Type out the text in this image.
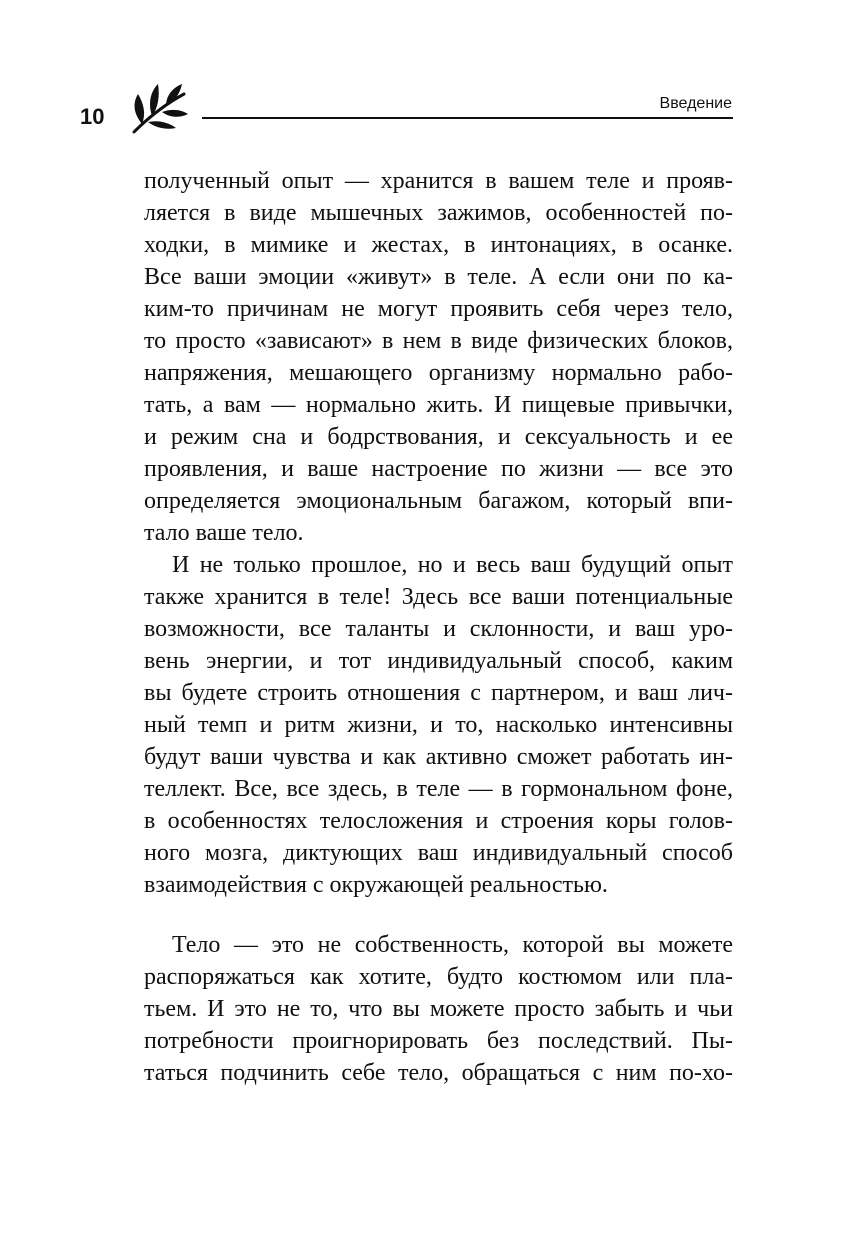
10
Введение
полученный опыт — хранится в вашем теле и прояв-
ляется в виде мышечных зажимов, особенностей по-
ходки, в мимике и жестах, в интонациях, в осанке.
Все ваши эмоции «живут» в теле. А если они по ка-
ким-то причинам не могут проявить себя через тело,
то просто «зависают» в нем в виде физических блоков,
напряжения, мешающего организму нормально рабо-
тать, а вам — нормально жить. И пищевые привычки,
и режим сна и бодрствования, и сексуальность и ее
проявления, и ваше настроение по жизни — все это
определяется эмоциональным багажом, который впи-
тало ваше тело.
И не только прошлое, но и весь ваш будущий опыт
также хранится в теле! Здесь все ваши потенциальные
возможности, все таланты и склонности, и ваш уро-
вень энергии, и тот индивидуальный способ, каким
вы будете строить отношения с партнером, и ваш лич-
ный темп и ритм жизни, и то, насколько интенсивны
будут ваши чувства и как активно сможет работать ин-
теллект. Все, все здесь, в теле — в гормональном фоне,
в особенностях телосложения и строения коры голов-
ного мозга, диктующих ваш индивидуальный способ
взаимодействия с окружающей реальностью.
Тело — это не собственность, которой вы можете
распоряжаться как хотите, будто костюмом или пла-
тьем. И это не то, что вы можете просто забыть и чьи
потребности проигнорировать без последствий. Пы-
таться подчинить себе тело, обращаться с ним по-хо-
